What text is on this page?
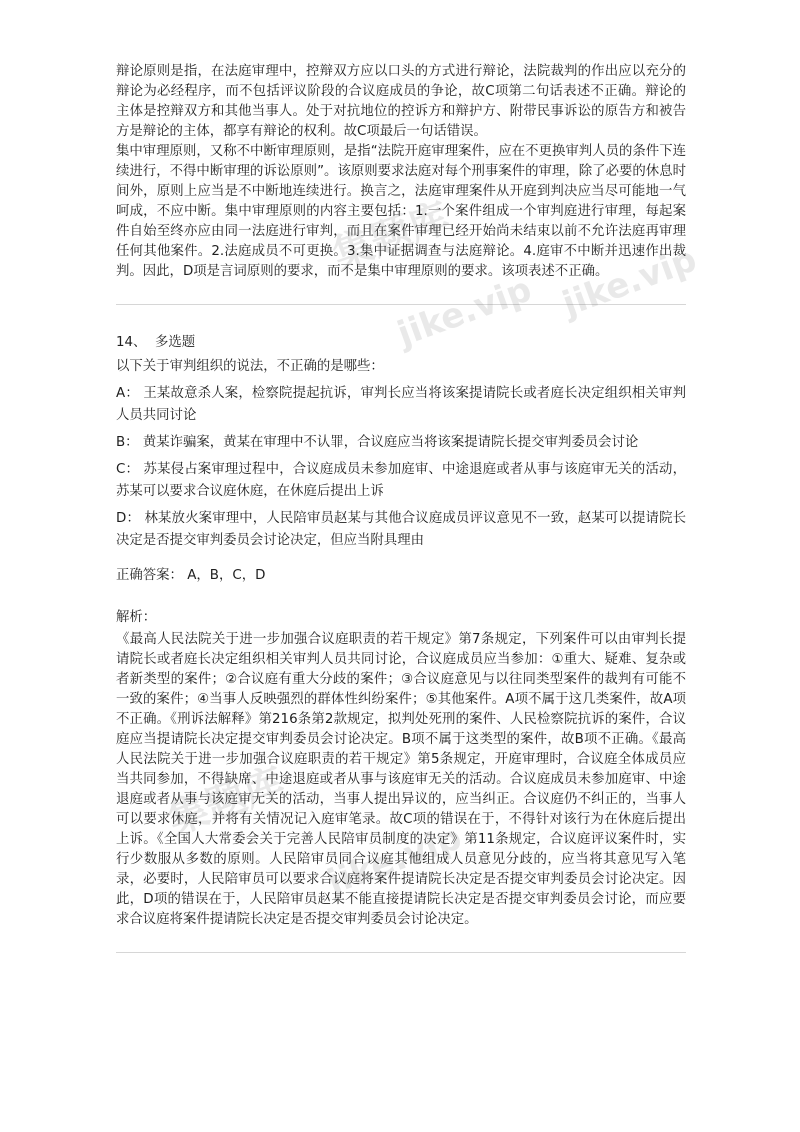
辩论原则是指，在法庭审理中，控辩双方应以口头的方式进行辩论，法院裁判的作出应以充分的辩论为必经程序，而不包括评议阶段的合议庭成员的争论，故C项第二句话表述不正确。辩论的主体是控辩双方和其他当事人。处于对抗地位的控诉方和辩护方、附带民事诉讼的原告方和被告方是辩论的主体，都享有辩论的权利。故C项最后一句话错误。

集中审理原则，又称不中断审理原则，是指“法院开庭审理案件，应在不更换审判人员的条件下连续进行，不得中断审理的诉讼原则”。该原则要求法庭对每个刑事案件的审理，除了必要的休息时间外，原则上应当是不中断地连续进行。换言之，法庭审理案件从开庭到判决应当尽可能地一气呵成，不应中断。集中审理原则的内容主要包括：1.一个案件组成一个审判庭进行审理，每起案件自始至终亦应由同一法庭进行审判，而且在案件审理已经开始尚未结束以前不允许法庭再审理任何其他案件。2.法庭成员不可更换。3.集中证据调查与法庭辩论。4.庭审不中断并迅速作出裁判。因此，D项是言词原则的要求，而不是集中审理原则的要求。该项表述不正确。

14、 多选题
以下关于审判组织的说法，不正确的是哪些：
A： 王某故意杀人案，检察院提起抗诉，审判长应当将该案提请院长或者庭长决定组织相关审判人员共同讨论
B： 黄某诈骗案，黄某在审理中不认罪，合议庭应当将该案提请院长提交审判委员会讨论
C： 苏某侵占案审理过程中，合议庭成员未参加庭审、中途退庭或者从事与该庭审无关的活动，苏某可以要求合议庭休庭，在休庭后提出上诉
D： 林某放火案审理中，人民陪审员赵某与其他合议庭成员评议意见不一致，赵某可以提请院长决定是否提交审判委员会讨论决定，但应当附具理由
正确答案： A，B，C，D
解析：

《最高人民法院关于进一步加强合议庭职责的若干规定》第7条规定，下列案件可以由审判长提请院长或者庭长决定组织相关审判人员共同讨论，合议庭成员应当参加：①重大、疑难、复杂或者新类型的案件；②合议庭有重大分歧的案件；③合议庭意见与以往同类型案件的裁判有可能不一致的案件；④当事人反映强烈的群体性纠纷案件；⑤其他案件。A项不属于这几类案件，故A项不正确。《刑诉法解释》第216条第2款规定，拟判处死刑的案件、人民检察院抗诉的案件，合议庭应当提请院长决定提交审判委员会讨论决定。B项不属于这类型的案件，故B项不正确。《最高人民法院关于进一步加强合议庭职责的若干规定》第5条规定，开庭审理时，合议庭全体成员应当共同参加，不得缺席、中途退庭或者从事与该庭审无关的活动。合议庭成员未参加庭审、中途退庭或者从事与该庭审无关的活动，当事人提出异议的，应当纠正。合议庭仍不纠正的，当事人可以要求休庭，并将有关情况记入庭审笔录。故C项的错误在于，不得针对该行为在休庭后提出上诉。《全国人大常委会关于完善人民陪审员制度的决定》第11条规定，合议庭评议案件时，实行少数服从多数的原则。人民陪审员同合议庭其他组成人员意见分歧的，应当将其意见写入笔录，必要时，人民陪审员可以要求合议庭将案件提请院长决定是否提交审判委员会讨论决定。因此，D项的错误在于，人民陪审员赵某不能直接提请院长决定是否提交审判委员会讨论，而应要求合议庭将案件提请院长决定是否提交审判委员会讨论决定。

集题库
jike.vip jike.vip
集题库
jike.vip
